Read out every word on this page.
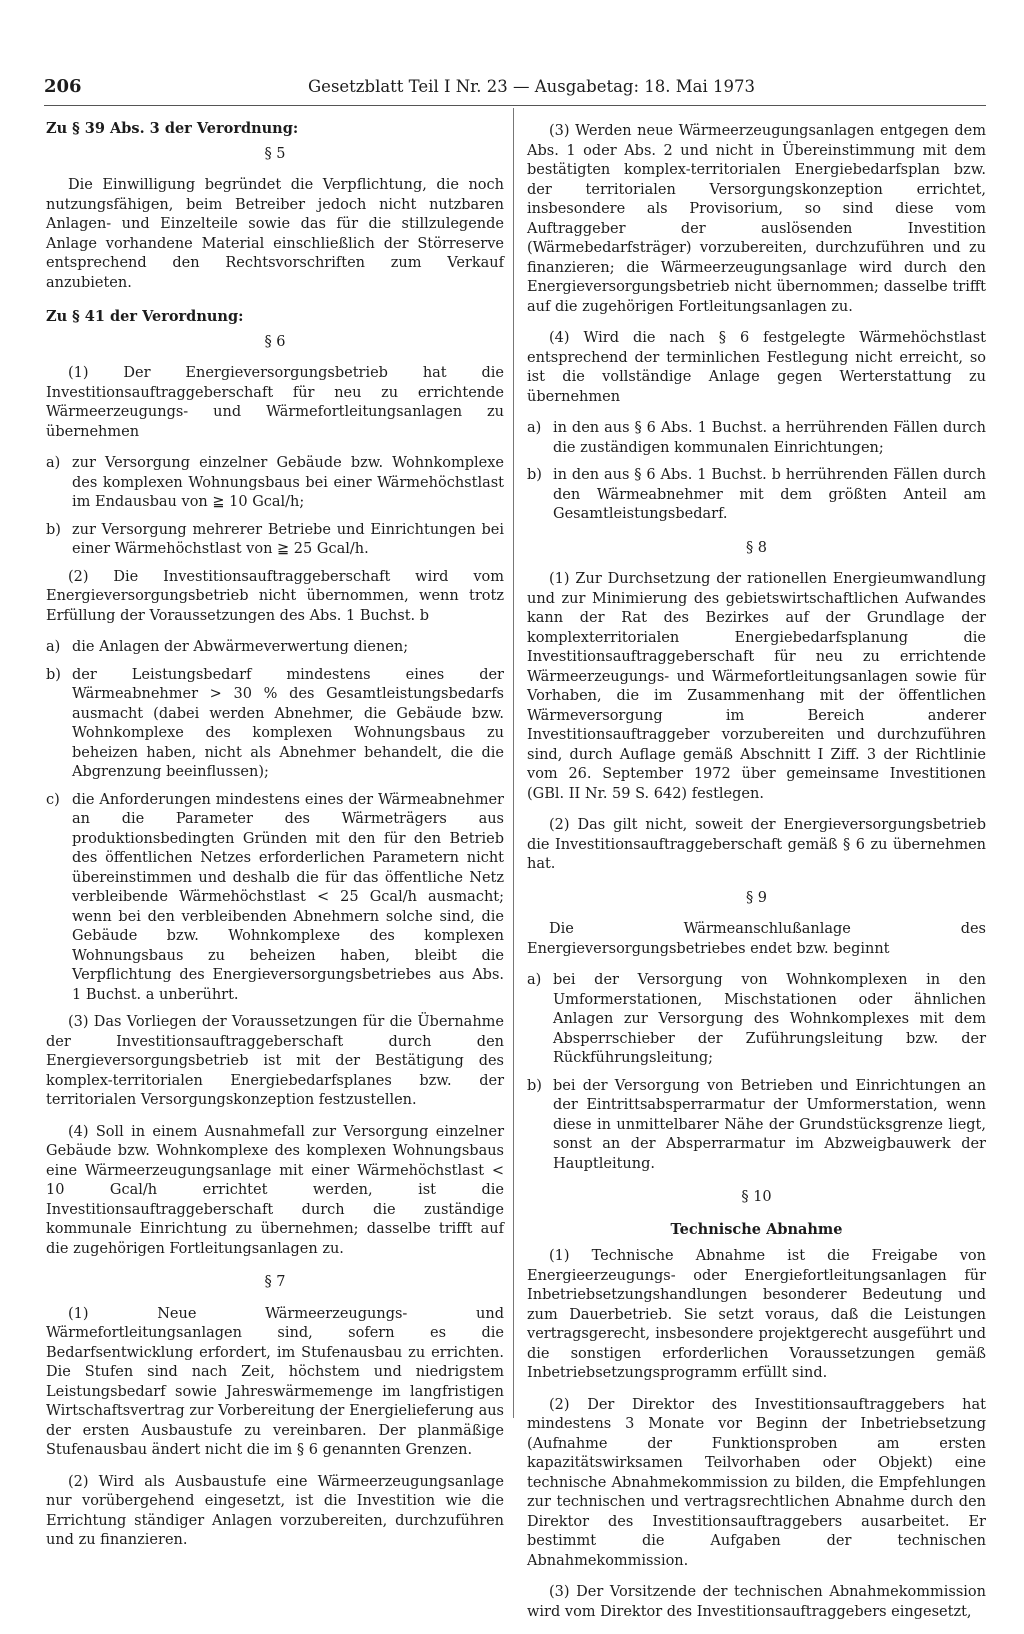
206	Gesetzblatt Teil I Nr. 23 — Ausgabetag: 18. Mai 1973

Zu § 39 Abs. 3 der Verordnung:

§ 5

Die Einwilligung begründet die Verpflichtung, die noch nutzungsfähigen, beim Betreiber jedoch nicht nutzbaren Anlagen- und Einzelteile sowie das für die stillzulegende Anlage vorhandene Material einschließlich der Störreserve entsprechend den Rechtsvorschriften zum Verkauf anzubieten.

Zu § 41 der Verordnung:

§ 6

(1) Der Energieversorgungsbetrieb hat die Investitionsauftraggeberschaft für neu zu errichtende Wärmeerzeugungs- und Wärmefortleitungsanlagen zu übernehmen

a) zur Versorgung einzelner Gebäude bzw. Wohnkomplexe des komplexen Wohnungsbaus bei einer Wärmehöchstlast im Endausbau von ≧ 10 Gcal/h;
b) zur Versorgung mehrerer Betriebe und Einrichtungen bei einer Wärmehöchstlast von ≧ 25 Gcal/h.

(2) Die Investitionsauftraggeberschaft wird vom Energieversorgungsbetrieb nicht übernommen, wenn trotz Erfüllung der Voraussetzungen des Abs. 1 Buchst. b

a) die Anlagen der Abwärmeverwertung dienen;
b) der Leistungsbedarf mindestens eines der Wärmeabnehmer > 30 % des Gesamtleistungsbedarfs ausmacht (dabei werden Abnehmer, die Gebäude bzw. Wohnkomplexe des komplexen Wohnungsbaus zu beheizen haben, nicht als Abnehmer behandelt, die die Abgrenzung beeinflussen);
c) die Anforderungen mindestens eines der Wärmeabnehmer an die Parameter des Wärmeträgers aus produktionsbedingten Gründen mit den für den Betrieb des öffentlichen Netzes erforderlichen Parametern nicht übereinstimmen und deshalb die für das öffentliche Netz verbleibende Wärmehöchstlast < 25 Gcal/h ausmacht; wenn bei den verbleibenden Abnehmern solche sind, die Gebäude bzw. Wohnkomplexe des komplexen Wohnungsbaus zu beheizen haben, bleibt die Verpflichtung des Energieversorgungsbetriebes aus Abs. 1 Buchst. a unberührt.

(3) Das Vorliegen der Voraussetzungen für die Übernahme der Investitionsauftraggeberschaft durch den Energieversorgungsbetrieb ist mit der Bestätigung des komplex-territorialen Energiebedarfsplanes bzw. der territorialen Versorgungskonzeption festzustellen.

(4) Soll in einem Ausnahmefall zur Versorgung einzelner Gebäude bzw. Wohnkomplexe des komplexen Wohnungsbaus eine Wärmeerzeugungsanlage mit einer Wärmehöchstlast < 10 Gcal/h errichtet werden, ist die Investitionsauftraggeberschaft durch die zuständige kommunale Einrichtung zu übernehmen; dasselbe trifft auf die zugehörigen Fortleitungsanlagen zu.

§ 7

(1) Neue Wärmeerzeugungs- und Wärmefortleitungsanlagen sind, sofern es die Bedarfsentwicklung erfordert, im Stufenausbau zu errichten. Die Stufen sind nach Zeit, höchstem und niedrigstem Leistungsbedarf sowie Jahreswärmemenge im langfristigen Wirtschaftsvertrag zur Vorbereitung der Energielieferung aus der ersten Ausbaustufe zu vereinbaren. Der planmäßige Stufenausbau ändert nicht die im § 6 genannten Grenzen.

(2) Wird als Ausbaustufe eine Wärmeerzeugungsanlage nur vorübergehend eingesetzt, ist die Investition wie die Errichtung ständiger Anlagen vorzubereiten, durchzuführen und zu finanzieren.

(3) Werden neue Wärmeerzeugungsanlagen entgegen dem Abs. 1 oder Abs. 2 und nicht in Übereinstimmung mit dem bestätigten komplex-territorialen Energiebedarfsplan bzw. der territorialen Versorgungskonzeption errichtet, insbesondere als Provisorium, so sind diese vom Auftraggeber der auslösenden Investition (Wärmebedarfsträger) vorzubereiten, durchzuführen und zu finanzieren; die Wärmeerzeugungsanlage wird durch den Energieversorgungsbetrieb nicht übernommen; dasselbe trifft auf die zugehörigen Fortleitungsanlagen zu.

(4) Wird die nach § 6 festgelegte Wärmehöchstlast entsprechend der terminlichen Festlegung nicht erreicht, so ist die vollständige Anlage gegen Werterstattung zu übernehmen

a) in den aus § 6 Abs. 1 Buchst. a herrührenden Fällen durch die zuständigen kommunalen Einrichtungen;
b) in den aus § 6 Abs. 1 Buchst. b herrührenden Fällen durch den Wärmeabnehmer mit dem größten Anteil am Gesamtleistungsbedarf.

§ 8

(1) Zur Durchsetzung der rationellen Energieumwandlung und zur Minimierung des gebietswirtschaftlichen Aufwandes kann der Rat des Bezirkes auf der Grundlage der komplexterritorialen Energiebedarfsplanung die Investitionsauftraggeberschaft für neu zu errichtende Wärmeerzeugungs- und Wärmefortleitungsanlagen sowie für Vorhaben, die im Zusammenhang mit der öffentlichen Wärmeversorgung im Bereich anderer Investitionsauftraggeber vorzubereiten und durchzuführen sind, durch Auflage gemäß Abschnitt I Ziff. 3 der Richtlinie vom 26. September 1972 über gemeinsame Investitionen (GBl. II Nr. 59 S. 642) festlegen.

(2) Das gilt nicht, soweit der Energieversorgungsbetrieb die Investitionsauftraggeberschaft gemäß § 6 zu übernehmen hat.

§ 9

Die Wärmeanschlußanlage des Energieversorgungsbetriebes endet bzw. beginnt

a) bei der Versorgung von Wohnkomplexen in den Umformerstationen, Mischstationen oder ähnlichen Anlagen zur Versorgung des Wohnkomplexes mit dem Absperrschieber der Zuführungsleitung bzw. der Rückführungsleitung;
b) bei der Versorgung von Betrieben und Einrichtungen an der Eintrittsabsperrarmatur der Umformerstation, wenn diese in unmittelbarer Nähe der Grundstücksgrenze liegt, sonst an der Absperrarmatur im Abzweigbauwerk der Hauptleitung.

§ 10

Technische Abnahme

(1) Technische Abnahme ist die Freigabe von Energieerzeugungs- oder Energiefortleitungsanlagen für Inbetriebsetzungshandlungen besonderer Bedeutung und zum Dauerbetrieb. Sie setzt voraus, daß die Leistungen vertragsgerecht, insbesondere projektgerecht ausgeführt und die sonstigen erforderlichen Voraussetzungen gemäß Inbetriebsetzungsprogramm erfüllt sind.

(2) Der Direktor des Investitionsauftraggebers hat mindestens 3 Monate vor Beginn der Inbetriebsetzung (Aufnahme der Funktionsproben am ersten kapazitätswirksamen Teilvorhaben oder Objekt) eine technische Abnahmekommission zu bilden, die Empfehlungen zur technischen und vertragsrechtlichen Abnahme durch den Direktor des Investitionsauftraggebers ausarbeitet. Er bestimmt die Aufgaben der technischen Abnahmekommission.

(3) Der Vorsitzende der technischen Abnahmekommission wird vom Direktor des Investitionsauftraggebers eingesetzt,
